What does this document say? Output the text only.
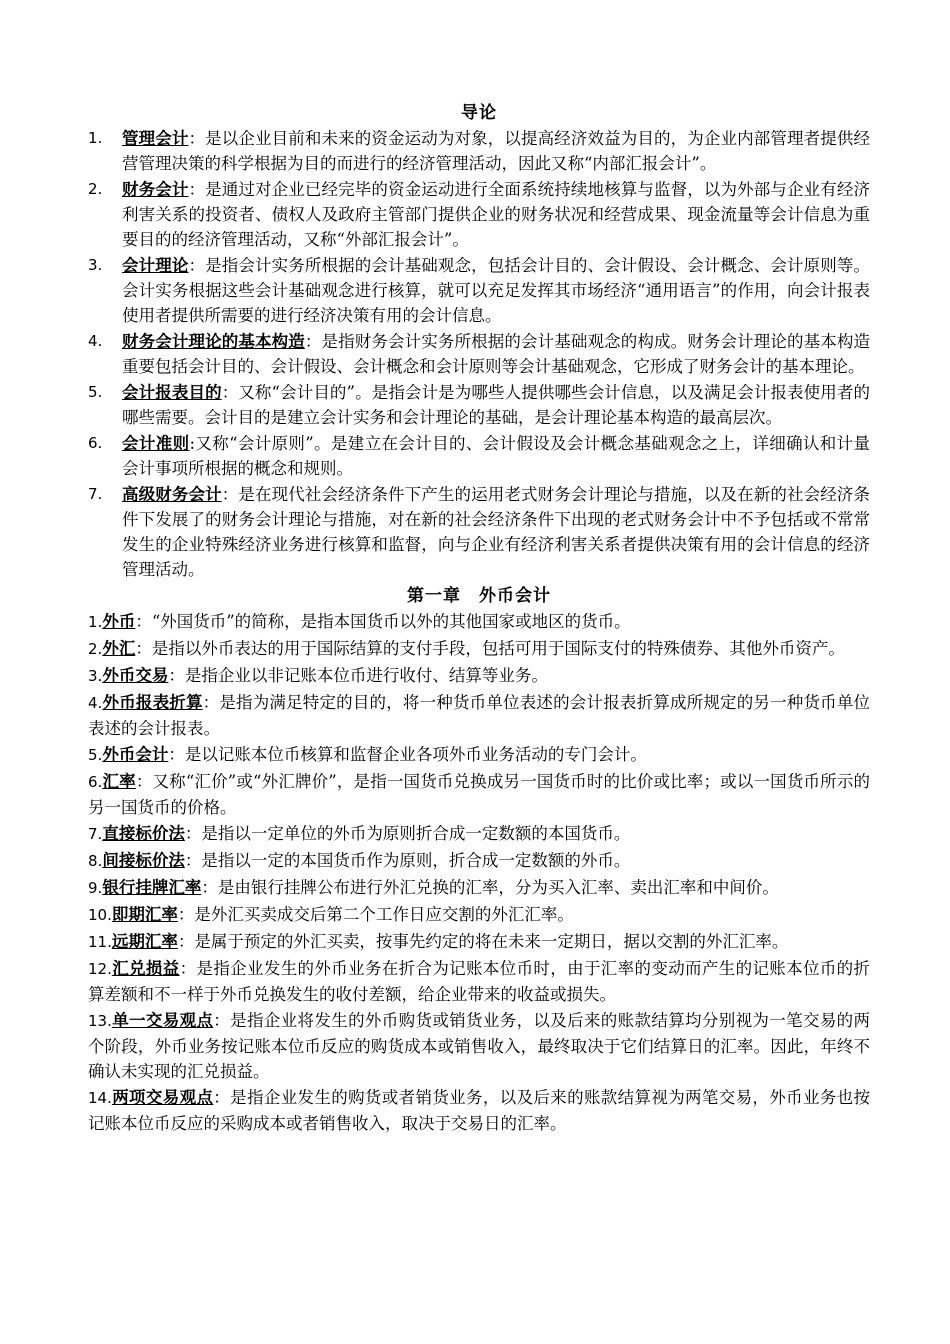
导论
1. 管理会计：是以企业目前和未来的资金运动为对象，以提高经济效益为目的，为企业内部管理者提供经营管理决策的科学根据为目的而进行的经济管理活动，因此又称“内部汇报会计”。
2. 财务会计：是通过对企业已经完毕的资金运动进行全面系统持续地核算与监督，以为外部与企业有经济利害关系的投资者、债权人及政府主管部门提供企业的财务状况和经营成果、现金流量等会计信息为重要目的的经济管理活动，又称“外部汇报会计”。
3. 会计理论：是指会计实务所根据的会计基础观念，包括会计目的、会计假设、会计概念、会计原则等。会计实务根据这些会计基础观念进行核算，就可以充足发挥其市场经济“通用语言”的作用，向会计报表使用者提供所需要的进行经济决策有用的会计信息。
4. 财务会计理论的基本构造：是指财务会计实务所根据的会计基础观念的构成。财务会计理论的基本构造重要包括会计目的、会计假设、会计概念和会计原则等会计基础观念，它形成了财务会计的基本理论。
5. 会计报表目的：又称“会计目的”。是指会计是为哪些人提供哪些会计信息，以及满足会计报表使用者的哪些需要。会计目的是建立会计实务和会计理论的基础，是会计理论基本构造的最高层次。
6. 会计准则:又称“会计原则”。是建立在会计目的、会计假设及会计概念基础观念之上，详细确认和计量会计事项所根据的概念和规则。
7. 高级财务会计：是在现代社会经济条件下产生的运用老式财务会计理论与措施，以及在新的社会经济条件下发展了的财务会计理论与措施，对在新的社会经济条件下出现的老式财务会计中不予包括或不常常发生的企业特殊经济业务进行核算和监督，向与企业有经济利害关系者提供决策有用的会计信息的经济管理活动。
第一章　外币会计
1.外币：“外国货币”的简称，是指本国货币以外的其他国家或地区的货币。
2.外汇：是指以外币表达的用于国际结算的支付手段，包括可用于国际支付的特殊债券、其他外币资产。
3.外币交易：是指企业以非记账本位币进行收付、结算等业务。
4.外币报表折算：是指为满足特定的目的，将一种货币单位表述的会计报表折算成所规定的另一种货币单位表述的会计报表。
5.外币会计：是以记账本位币核算和监督企业各项外币业务活动的专门会计。
6.汇率：又称“汇价”或“外汇牌价”，是指一国货币兑换成另一国货币时的比价或比率；或以一国货币所示的另一国货币的价格。
7.直接标价法：是指以一定单位的外币为原则折合成一定数额的本国货币。
8.间接标价法：是指以一定的本国货币作为原则，折合成一定数额的外币。
9.银行挂牌汇率：是由银行挂牌公布进行外汇兑换的汇率，分为买入汇率、卖出汇率和中间价。
10.即期汇率：是外汇买卖成交后第二个工作日应交割的外汇汇率。
11.远期汇率：是属于预定的外汇买卖，按事先约定的将在未来一定期日，据以交割的外汇汇率。
12.汇兑损益：是指企业发生的外币业务在折合为记账本位币时，由于汇率的变动而产生的记账本位币的折算差额和不一样于外币兑换发生的收付差额，给企业带来的收益或损失。
13.单一交易观点：是指企业将发生的外币购货或销货业务，以及后来的账款结算均分别视为一笔交易的两个阶段，外币业务按记账本位币反应的购货成本或销售收入，最终取决于它们结算日的汇率。因此，年终不确认未实现的汇兑损益。
14.两项交易观点：是指企业发生的购货或者销货业务，以及后来的账款结算视为两笔交易，外币业务也按记账本位币反应的采购成本或者销售收入，取决于交易日的汇率。
